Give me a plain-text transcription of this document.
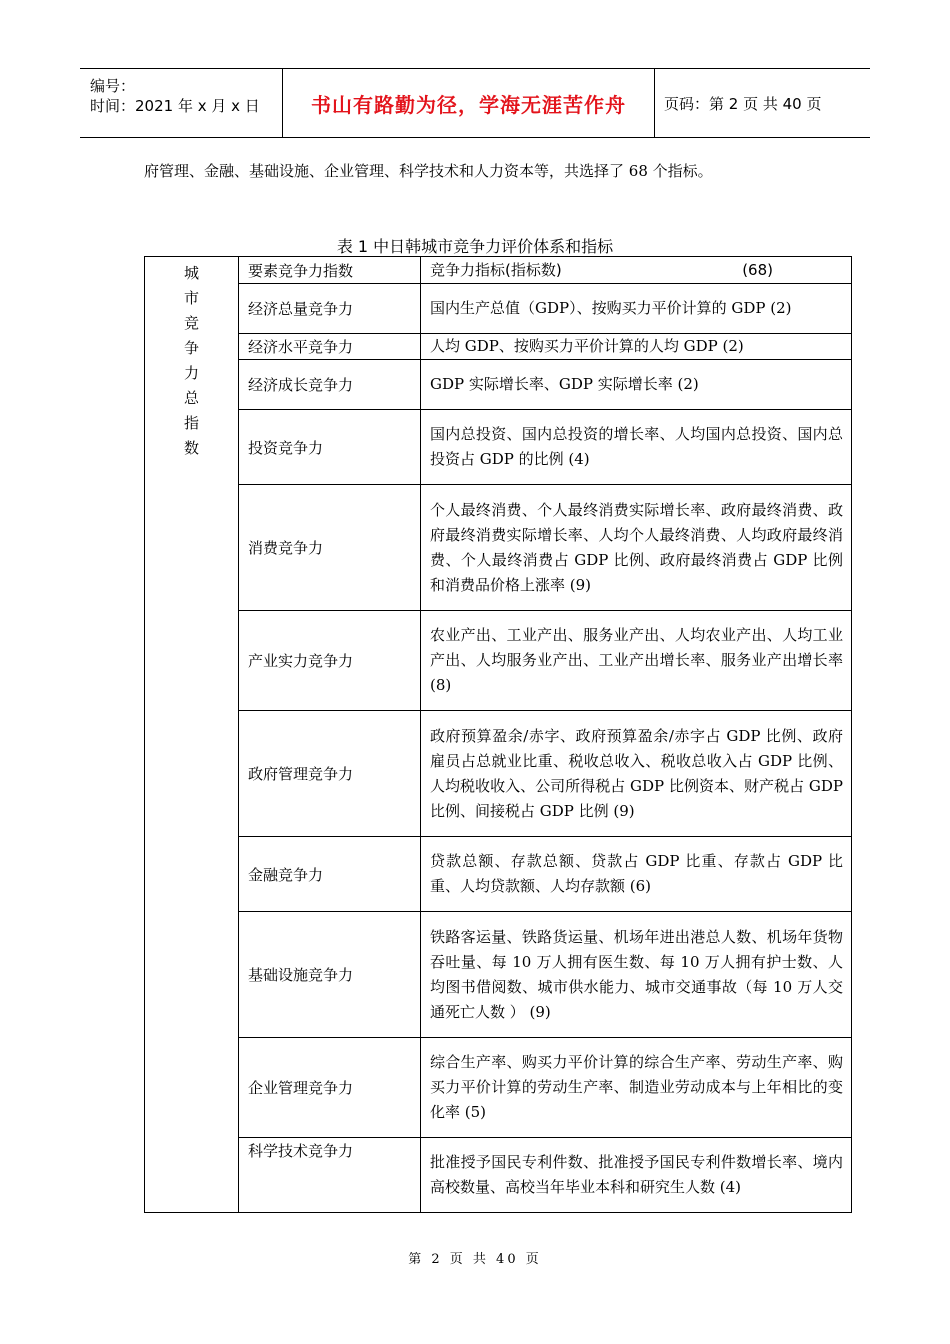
编号：
时间：2021 年 x 月 x 日	书山有路勤为径，学海无涯苦作舟	页码：第 2 页 共 40 页
府管理、金融、基础设施、企业管理、科学技术和人力资本等，共选择了 68 个指标。
表 1 中日韩城市竞争力评价体系和指标
城市竞争力总指数	要素竞争力指数	竞争力指标(指标数) (68)

	经济总量竞争力	国内生产总值（GDP）、按购买力平价计算的 GDP (2)
	经济水平竞争力	人均 GDP、按购买力平价计算的人均 GDP (2)
	经济成长竞争力	GDP 实际增长率、GDP 实际增长率 (2)
	投资竞争力	国内总投资、国内总投资的增长率、人均国内总投资、国内总投资占 GDP 的比例 (4)
	消费竞争力	个人最终消费、个人最终消费实际增长率、政府最终消费、政府最终消费实际增长率、人均个人最终消费、人均政府最终消费、个人最终消费占 GDP 比例、政府最终消费占 GDP 比例和消费品价格上涨率 (9)
	产业实力竞争力	农业产出、工业产出、服务业产出、人均农业产出、人均工业产出、人均服务业产出、工业产出增长率、服务业产出增长率 (8)
	政府管理竞争力	政府预算盈余/赤字、政府预算盈余/赤字占 GDP 比例、政府雇员占总就业比重、税收总收入、税收总收入占 GDP 比例、人均税收收入、公司所得税占 GDP 比例资本、财产税占 GDP 比例、间接税占 GDP 比例 (9)
	金融竞争力	贷款总额、存款总额、贷款占 GDP 比重、存款占 GDP 比重、人均贷款额、人均存款额 (6)
	基础设施竞争力	铁路客运量、铁路货运量、机场年进出港总人数、机场年货物吞吐量、每 10 万人拥有医生数、每 10 万人拥有护士数、人均图书借阅数、城市供水能力、城市交通事故（每 10 万人交通死亡人数 ） (9)
	企业管理竞争力	综合生产率、购买力平价计算的综合生产率、劳动生产率、购买力平价计算的劳动生产率、制造业劳动成本与上年相比的变化率 (5)
	科学技术竞争力	批准授予国民专利件数、批准授予国民专利件数增长率、境内高校数量、高校当年毕业本科和研究生人数 (4)
第 2 页 共 40 页
